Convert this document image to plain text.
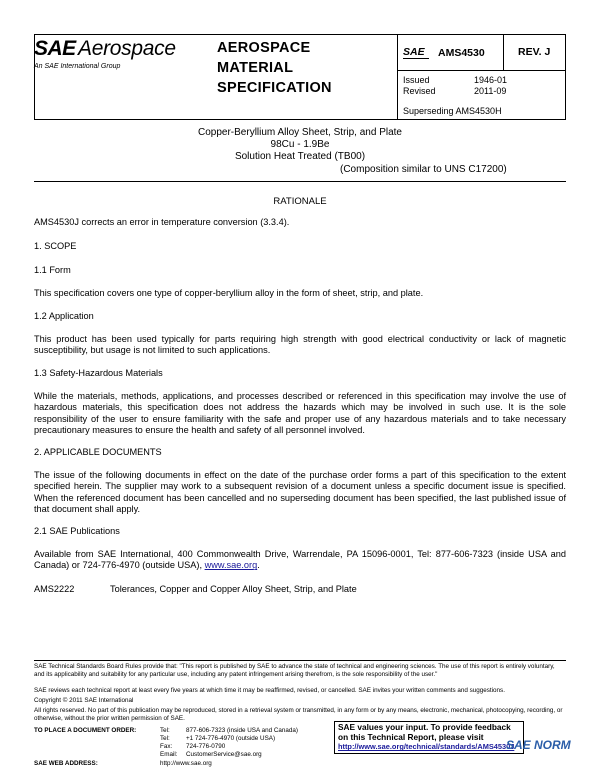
SAE Aerospace
An SAE International Group
AEROSPACE
MATERIAL
SPECIFICATION
SAE AMS4530	REV. J
Issued	1946-01
Revised	2011-09
Superseding AMS4530H
Copper-Beryllium Alloy Sheet, Strip, and Plate
98Cu - 1.9Be
Solution Heat Treated (TB00)
(Composition similar to UNS C17200)
RATIONALE
AMS4530J corrects an error in temperature conversion (3.3.4).
1. SCOPE
1.1 Form
This specification covers one type of copper-beryllium alloy in the form of sheet, strip, and plate.
1.2 Application
This product has been used typically for parts requiring high strength with good electrical conductivity or lack of magnetic susceptibility, but usage is not limited to such applications.
1.3 Safety-Hazardous Materials
While the materials, methods, applications, and processes described or referenced in this specification may involve the use of hazardous materials, this specification does not address the hazards which may be involved in such use. It is the sole responsibility of the user to ensure familiarity with the safe and proper use of any hazardous materials and to take necessary precautionary measures to ensure the health and safety of all personnel involved.
2. APPLICABLE DOCUMENTS
The issue of the following documents in effect on the date of the purchase order forms a part of this specification to the extent specified herein. The supplier may work to a subsequent revision of a document unless a specific document issue is specified. When the referenced document has been cancelled and no superseding document has been specified, the last published issue of that document shall apply.
2.1 SAE Publications
Available from SAE International, 400 Commonwealth Drive, Warrendale, PA 15096-0001, Tel: 877-606-7323 (inside USA and Canada) or 724-776-4970 (outside USA), www.sae.org.
AMS2222	Tolerances, Copper and Copper Alloy Sheet, Strip, and Plate
SAE Technical Standards Board Rules provide that: "This report is published by SAE to advance the state of technical and engineering sciences. The use of this report is entirely voluntary, and its applicability and suitability for any particular use, including any patent infringement arising therefrom, is the sole responsibility of the user."
SAE reviews each technical report at least every five years at which time it may be reaffirmed, revised, or cancelled. SAE invites your written comments and suggestions.
Copyright © 2011 SAE International
All rights reserved. No part of this publication may be reproduced, stored in a retrieval system or transmitted, in any form or by any means, electronic, mechanical, photocopying, recording, or otherwise, without the prior written permission of SAE.
TO PLACE A DOCUMENT ORDER:	Tel:	877-606-7323 (inside USA and Canada)
Tel:	+1 724-776-4970 (outside USA)
Fax: 724-776-0790
Email: CustomerService@sae.org
SAE WEB ADDRESS:	http://www.sae.org
SAE values your input. To provide feedback
on this Technical Report, please visit
http://www.sae.org/technical/standards/AMS4530J
SAE NORM
